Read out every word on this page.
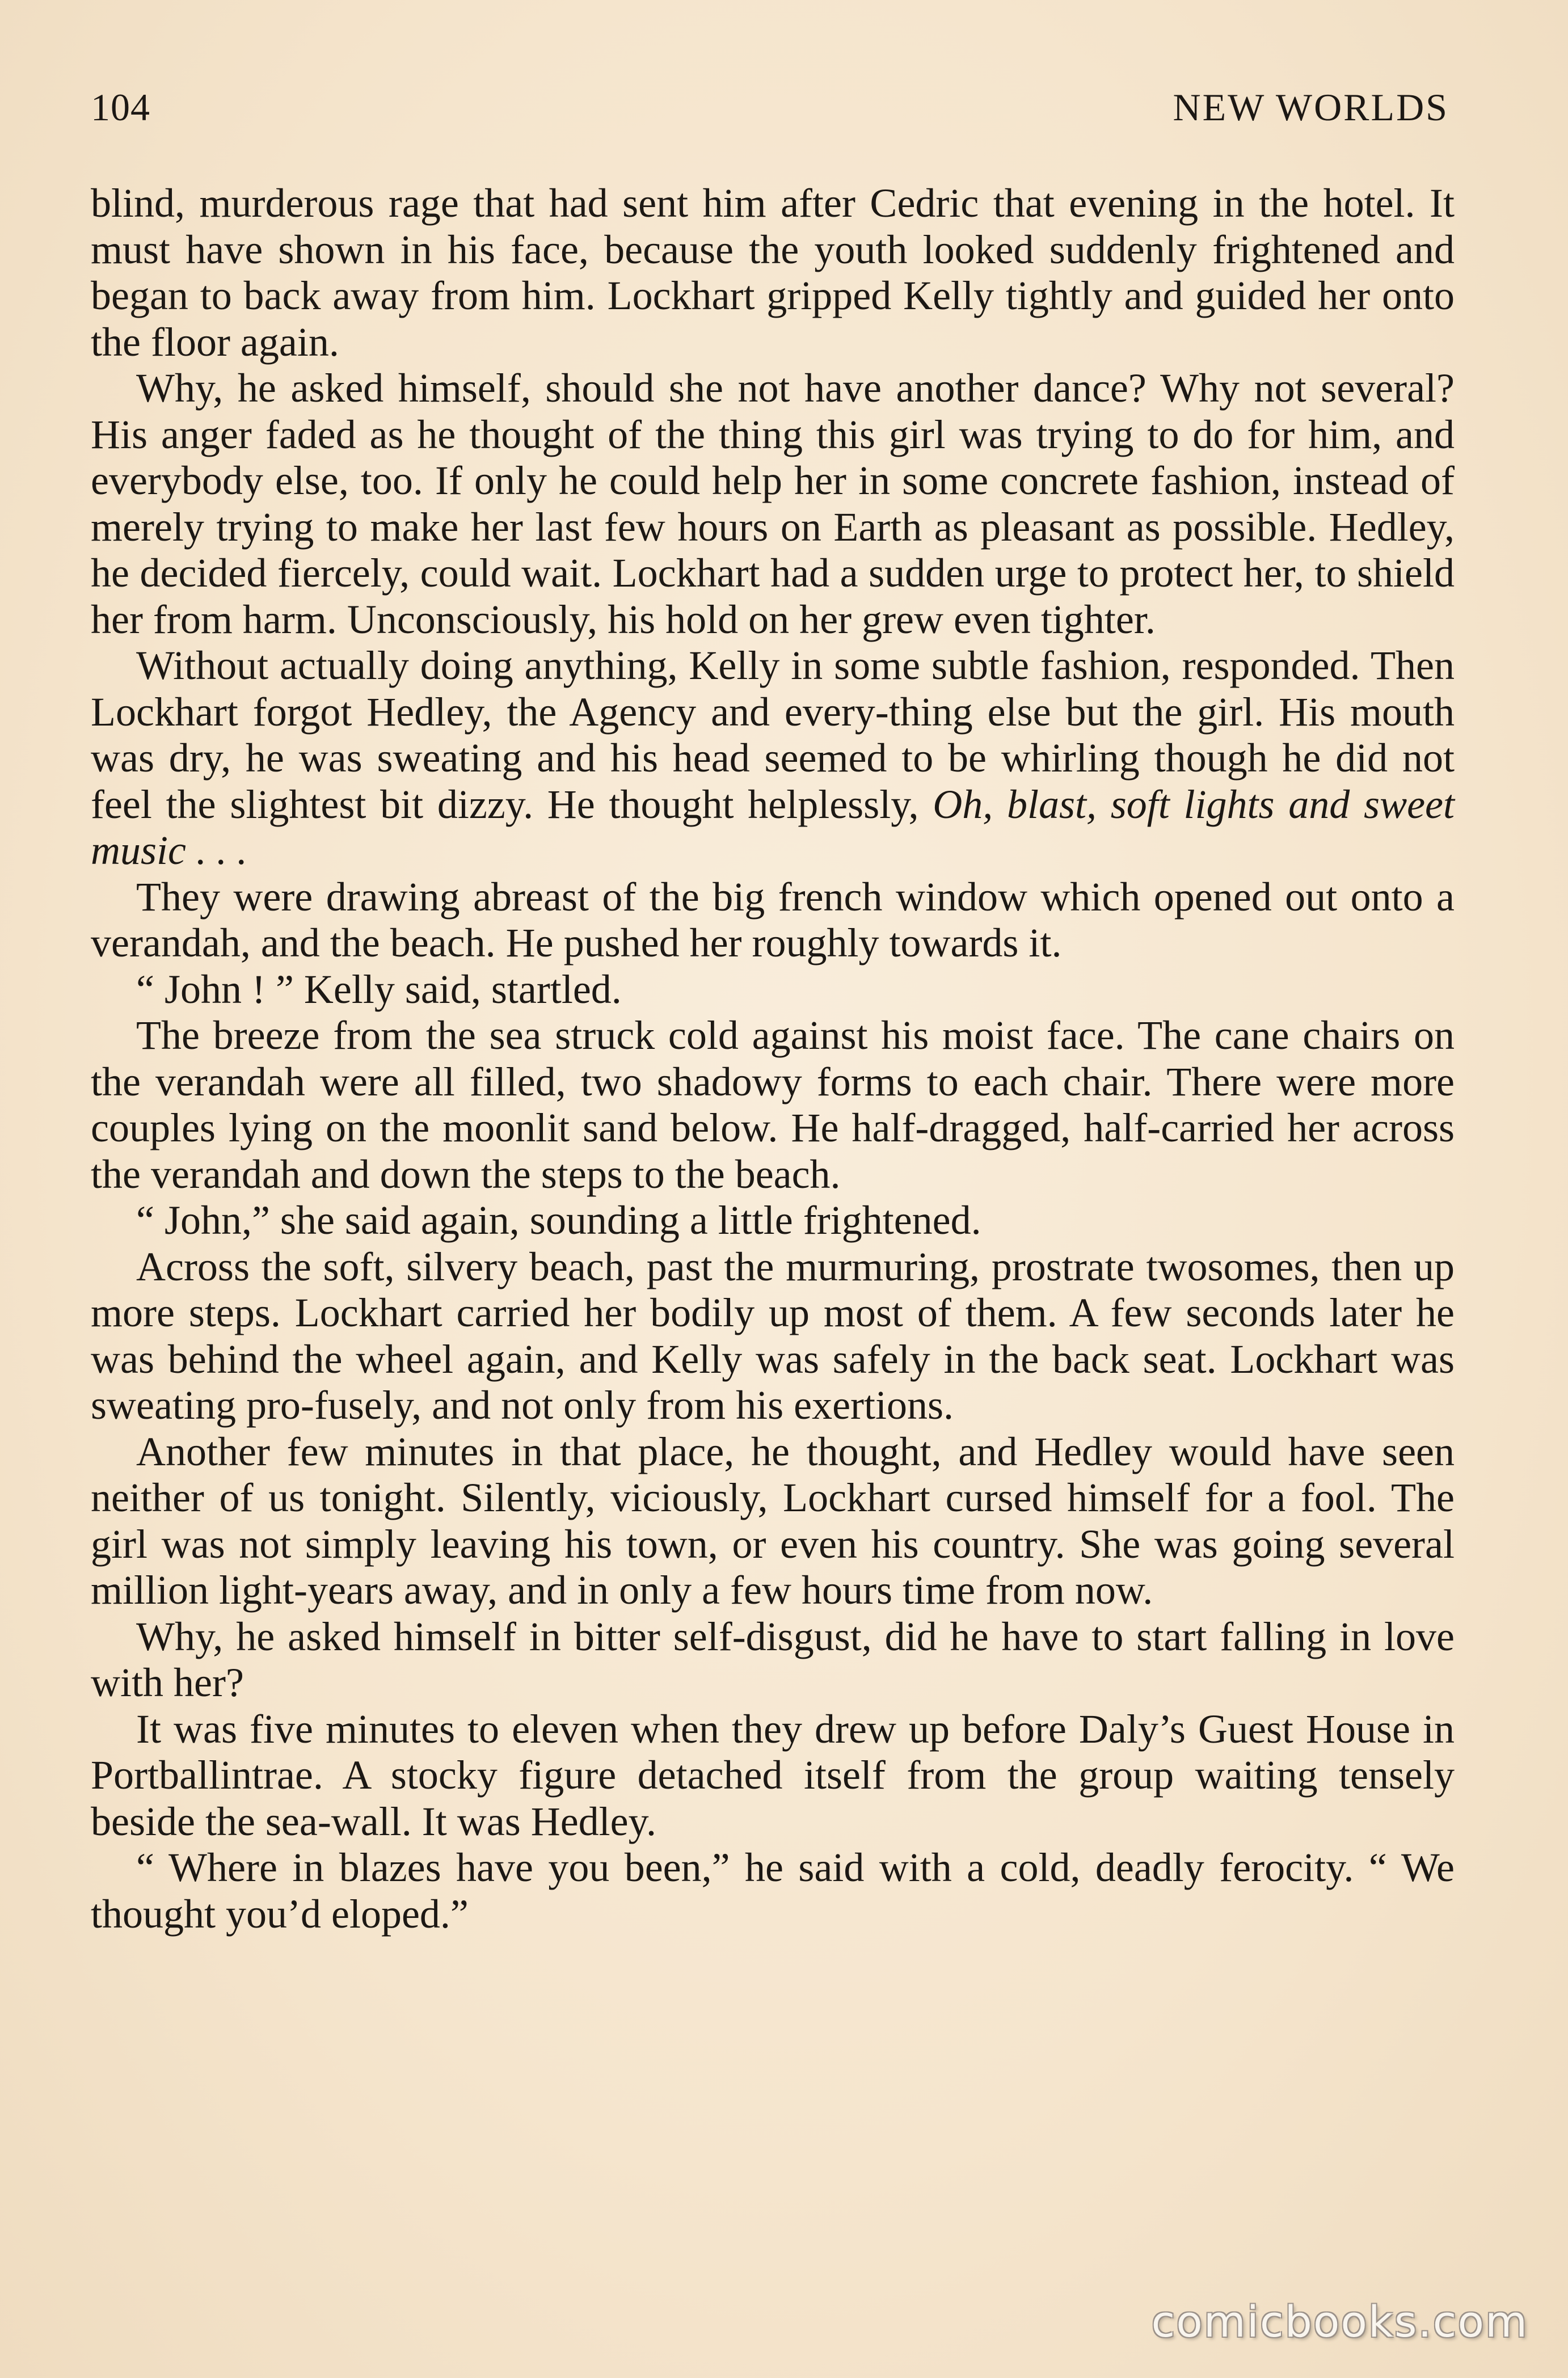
104	NEW WORLDS

blind, murderous rage that had sent him after Cedric that evening in the hotel. It must have shown in his face, because the youth looked suddenly frightened and began to back away from him. Lockhart gripped Kelly tightly and guided her onto the floor again.

Why, he asked himself, should she not have another dance? Why not several? His anger faded as he thought of the thing this girl was trying to do for him, and everybody else, too. If only he could help her in some concrete fashion, instead of merely trying to make her last few hours on Earth as pleasant as possible. Hedley, he decided fiercely, could wait. Lockhart had a sudden urge to protect her, to shield her from harm. Unconsciously, his hold on her grew even tighter.

Without actually doing anything, Kelly in some subtle fashion, responded. Then Lockhart forgot Hedley, the Agency and every-thing else but the girl. His mouth was dry, he was sweating and his head seemed to be whirling though he did not feel the slightest bit dizzy. He thought helplessly, Oh, blast, soft lights and sweet music . . .

They were drawing abreast of the big french window which opened out onto a verandah, and the beach. He pushed her roughly towards it.

“ John ! ” Kelly said, startled.

The breeze from the sea struck cold against his moist face. The cane chairs on the verandah were all filled, two shadowy forms to each chair. There were more couples lying on the moonlit sand below. He half-dragged, half-carried her across the verandah and down the steps to the beach.

“ John,” she said again, sounding a little frightened.

Across the soft, silvery beach, past the murmuring, prostrate twosomes, then up more steps. Lockhart carried her bodily up most of them. A few seconds later he was behind the wheel again, and Kelly was safely in the back seat. Lockhart was sweating pro-fusely, and not only from his exertions.

Another few minutes in that place, he thought, and Hedley would have seen neither of us tonight. Silently, viciously, Lockhart cursed himself for a fool. The girl was not simply leaving his town, or even his country. She was going several million light-years away, and in only a few hours time from now.

Why, he asked himself in bitter self-disgust, did he have to start falling in love with her?

It was five minutes to eleven when they drew up before Daly’s Guest House in Portballintrae. A stocky figure detached itself from the group waiting tensely beside the sea-wall. It was Hedley.

“ Where in blazes have you been,” he said with a cold, deadly ferocity. “ We thought you’d eloped.”

comicbooks.com
